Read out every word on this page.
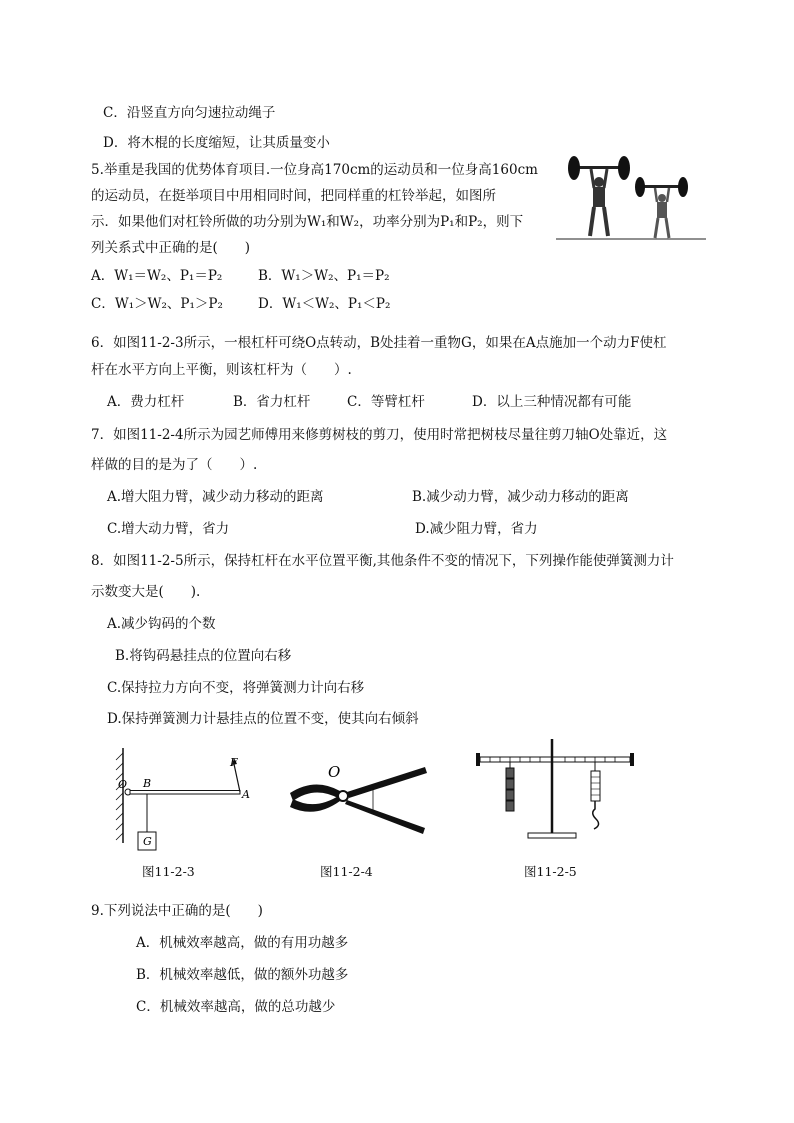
C．沿竖直方向匀速拉动绳子
D．将木棍的长度缩短，让其质量变小
5.举重是我国的优势体育项目.一位身高170cm的运动员和一位身高160cm
的运动员，在挺举项目中用相同时间，把同样重的杠铃举起，如图所
示．如果他们对杠铃所做的功分别为W₁和W₂，功率分别为P₁和P₂，则下
列关系式中正确的是(　　)
A．W₁＝W₂、P₁＝P₂	B．W₁＞W₂、P₁＝P₂
C．W₁＞W₂、P₁＞P₂	D．W₁＜W₂、P₁＜P₂
6．如图11-2-3所示，一根杠杆可绕O点转动，B处挂着一重物G，如果在A点施加一个动力F使杠
杆在水平方向上平衡，则该杠杆为（　　）.
A．费力杠杆	B．省力杠杆	C．等臂杠杆	D．以上三种情况都有可能
7．如图11-2-4所示为园艺师傅用来修剪树枝的剪刀，使用时常把树枝尽量往剪刀轴O处靠近，这
样做的目的是为了（　　）.
A.增大阻力臂，减少动力移动的距离	B.减少动力臂，减少动力移动的距离
C.增大动力臂，省力	D.减少阻力臂，省力
8．如图11-2-5所示，保持杠杆在水平位置平衡,其他条件不变的情况下，下列操作能使弹簧测力计
示数变大是(　　).
A.减少钩码的个数
B.将钩码悬挂点的位置向右移
C.保持拉力方向不变，将弹簧测力计向右移
D.保持弹簧测力计悬挂点的位置不变，使其向右倾斜
O B
F
A
G
图11-2-3
O
图11-2-4	图11-2-5
9.下列说法中正确的是(　　)
A．机械效率越高，做的有用功越多
B．机械效率越低，做的额外功越多
C．机械效率越高，做的总功越少
